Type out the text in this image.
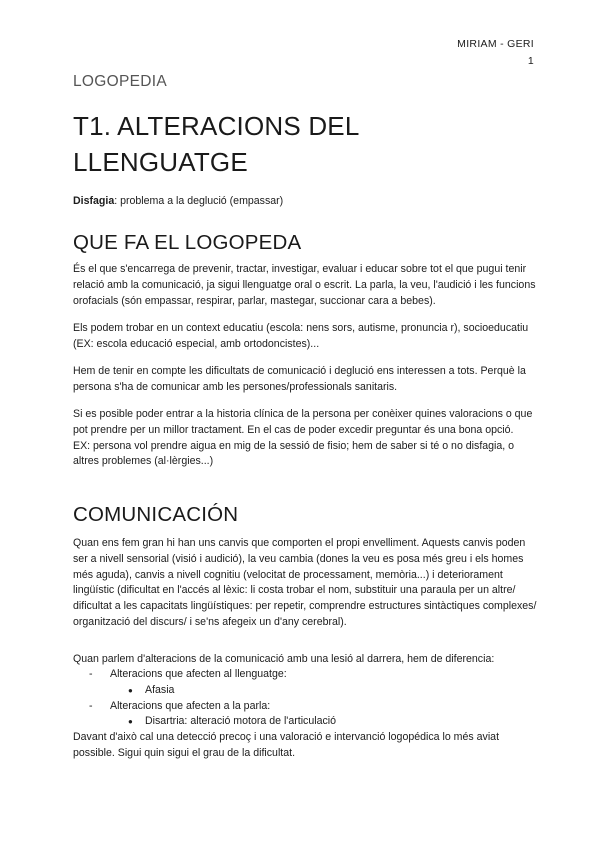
MIRIAM - GERI
1
LOGOPEDIA
T1. ALTERACIONS DEL LLENGUATGE
Disfagia: problema a la deglució (empassar)
QUE FA EL LOGOPEDA
És el que s'encarrega de prevenir, tractar, investigar, evaluar i educar sobre tot el que pugui tenir relació amb la comunicació, ja sigui llenguatge oral o escrit. La parla, la veu, l'audició i les funcions orofacials (són empassar, respirar, parlar, mastegar, succionar cara a bebes).
Els podem trobar en un context educatiu (escola: nens sors, autisme, pronuncia r), socioeducatiu (EX: escola educació especial, amb ortodoncistes)...
Hem de tenir en compte les dificultats de comunicació i deglució ens interessen a tots. Perquè la persona s'ha de comunicar amb les persones/professionals sanitaris.
Si es posible poder entrar a la historia clínica de la persona per conèixer quines valoracions o que pot prendre per un millor tractament. En el cas de poder excedir preguntar és una bona opció.
EX: persona vol prendre aigua en mig de la sessió de fisio; hem de saber si té o no disfagia, o altres problemes (al·lèrgies...)
COMUNICACIÓN
Quan ens fem gran hi han uns canvis que comporten el propi envelliment. Aquests canvis poden ser a nivell sensorial (visió i audició), la veu cambia (dones la veu es posa més greu i els homes més aguda), canvis a nivell cognitiu (velocitat de processament, memòria...) i deteriorament lingüístic (dificultat en l'accés al lèxic: li costa trobar el nom, substituir una paraula per un altre/ dificultat a les capacitats lingüístiques: per repetir, comprendre estructures sintàctiques complexes/ organització del discurs/ i se'ns afegeix un d'any cerebral).
Quan parlem d'alteracions de la comunicació amb una lesió al darrera, hem de diferencia:
- Alteracions que afecten al llenguatge:
● Afasia
- Alteracions que afecten a la parla:
● Disartria: alteració motora de l'articulació
Davant d'això cal una detecció precoç i una valoració e intervanció logopédica lo més aviat possible. Sigui quin sigui el grau de la dificultat.
